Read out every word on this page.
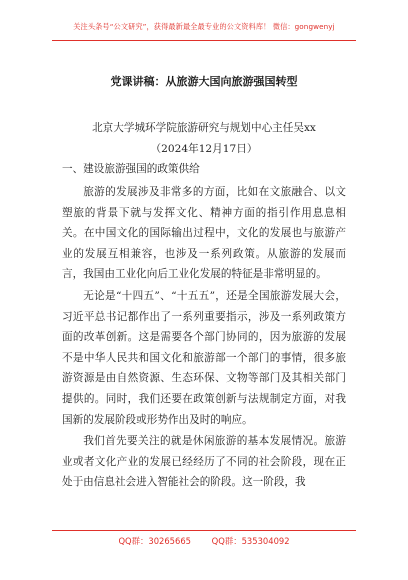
关注头条号“公文研究”，获得最新最全最专业的公文资料库！ 微信：gongwenyj
党课讲稿：从旅游大国向旅游强国转型
北京大学城环学院旅游研究与规划中心主任吴xx
（2024年12月17日）
一、建设旅游强国的政策供给

旅游的发展涉及非常多的方面，比如在文旅融合、以文塑旅的背景下就与发挥文化、精神方面的指引作用息息相关。在中国文化的国际输出过程中，文化的发展也与旅游产业的发展互相兼容，也涉及一系列政策。从旅游的发展而言，我国由工业化向后工业化发展的特征是非常明显的。

无论是“十四五”、“十五五”，还是全国旅游发展大会，习近平总书记都作出了一系列重要指示，涉及一系列政策方面的改革创新。这是需要各个部门协同的，因为旅游的发展不是中华人民共和国文化和旅游部一个部门的事情，很多旅游资源是由自然资源、生态环保、文物等部门及其相关部门提供的。同时，我们还要在政策创新与法规制定方面，对我国新的发展阶段或形势作出及时的响应。

我们首先要关注的就是休闲旅游的基本发展情况。旅游业或者文化产业的发展已经经历了不同的社会阶段，现在正处于由信息社会进入智能社会的阶段。这一阶段，我

QQ群：30265665 QQ群：535304092
